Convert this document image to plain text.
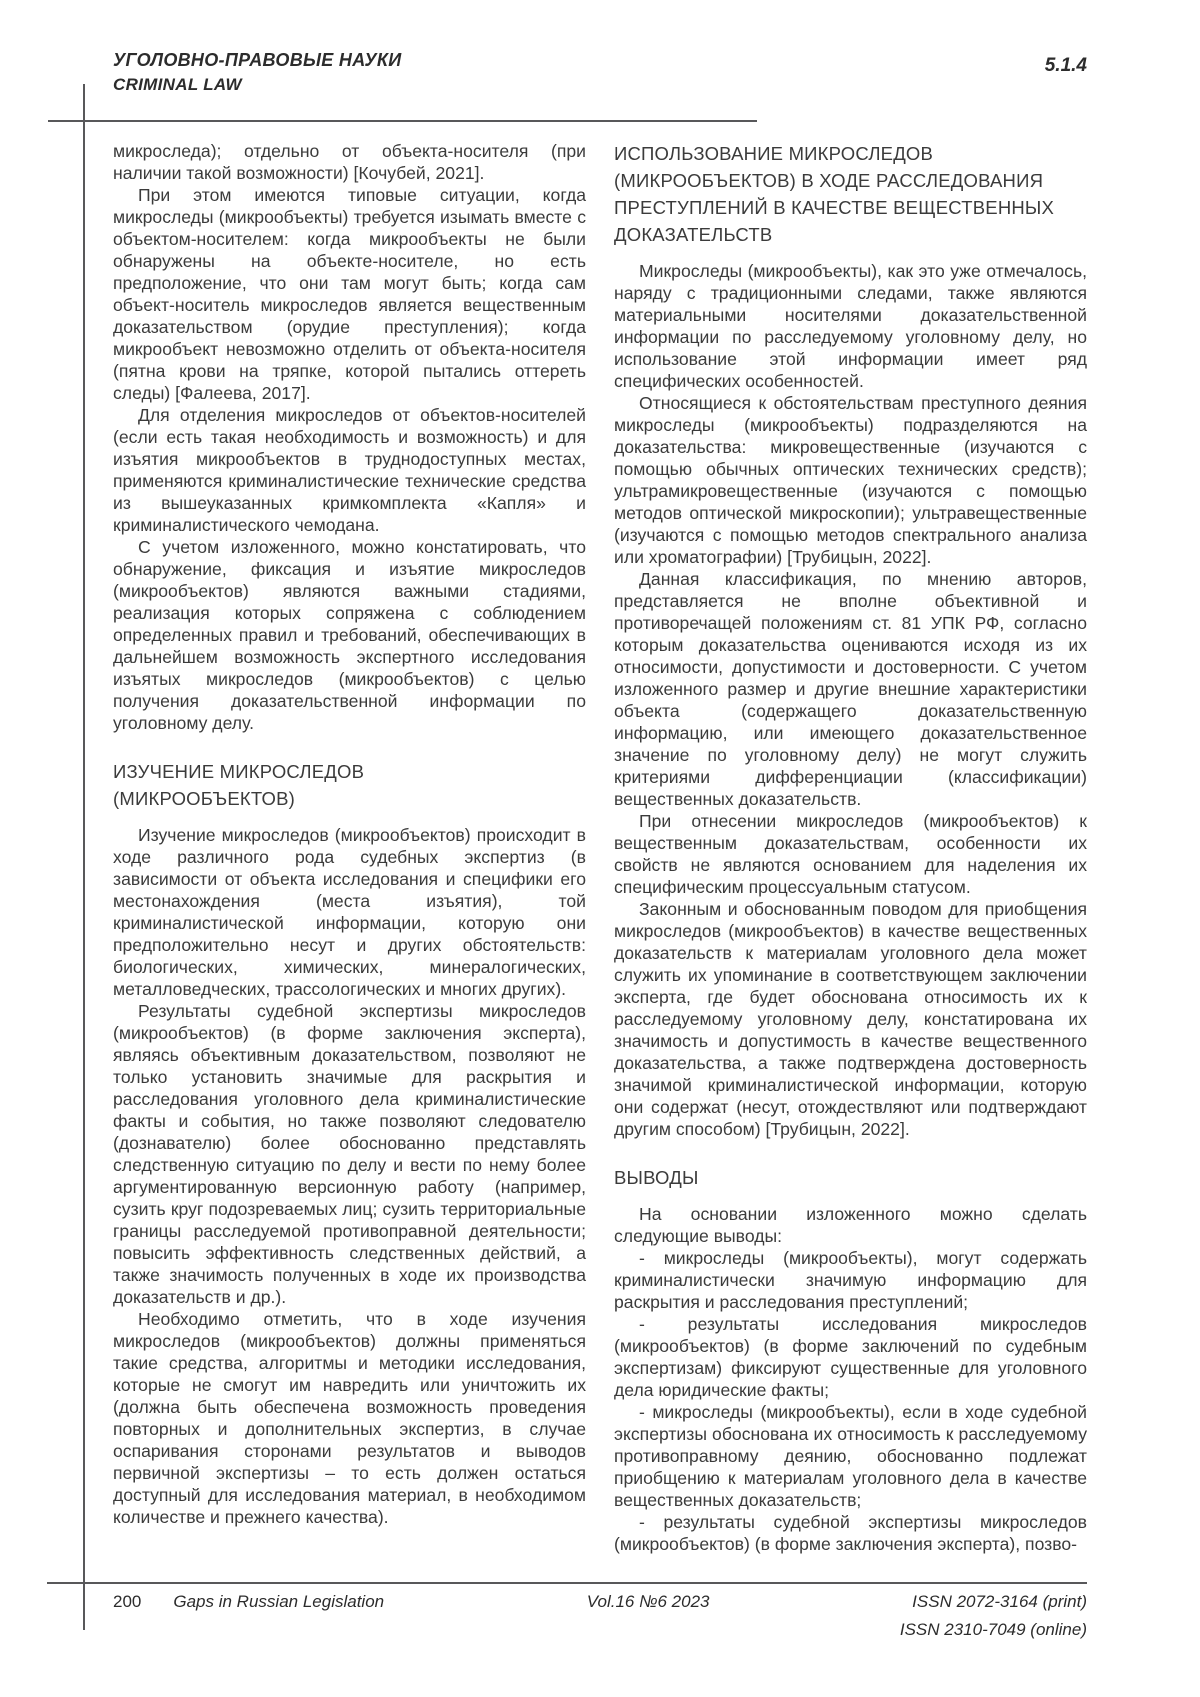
УГОЛОВНО-ПРАВОВЫЕ НАУКИ
CRIMINAL LAW
5.1.4

микроследа); отдельно от объекта-носителя (при наличии такой возможности) [Кочубей, 2021].

При этом имеются типовые ситуации, когда микроследы (микрообъекты) требуется изымать вместе с объектом-носителем: когда микрообъекты не были обнаружены на объекте-носителе, но есть предположение, что они там могут быть; когда сам объект-носитель микроследов является вещественным доказательством (орудие преступления); когда микрообъект невозможно отделить от объекта-носителя (пятна крови на тряпке, которой пытались оттереть следы) [Фалеева, 2017].

Для отделения микроследов от объектов-носителей (если есть такая необходимость и возможность) и для изъятия микрообъектов в труднодоступных местах, применяются криминалистические технические средства из вышеуказанных кримкомплекта «Капля» и криминалистического чемодана.

С учетом изложенного, можно констатировать, что обнаружение, фиксация и изъятие микроследов (микрообъектов) являются важными стадиями, реализация которых сопряжена с соблюдением определенных правил и требований, обеспечивающих в дальнейшем возможность экспертного исследования изъятых микроследов (микрообъектов) с целью получения доказательственной информации по уголовному делу.

ИЗУЧЕНИЕ МИКРОСЛЕДОВ
(МИКРООБЪЕКТОВ)

Изучение микроследов (микрообъектов) происходит в ходе различного рода судебных экспертиз (в зависимости от объекта исследования и специфики его местонахождения (места изъятия), той криминалистической информации, которую они предположительно несут и других обстоятельств: биологических, химических, минералогических, металловедческих, трассологических и многих других).

Результаты судебной экспертизы микроследов (микрообъектов) (в форме заключения эксперта), являясь объективным доказательством, позволяют не только установить значимые для раскрытия и расследования уголовного дела криминалистические факты и события, но также позволяют следователю (дознавателю) более обоснованно представлять следственную ситуацию по делу и вести по нему более аргументированную версионную работу (например, сузить круг подозреваемых лиц; сузить территориальные границы расследуемой противоправной деятельности; повысить эффективность следственных действий, а также значимость полученных в ходе их производства доказательств и др.).

Необходимо отметить, что в ходе изучения микроследов (микрообъектов) должны применяться такие средства, алгоритмы и методики исследования, которые не смогут им навредить или уничтожить их (должна быть обеспечена возможность проведения повторных и дополнительных экспертиз, в случае оспаривания сторонами результатов и выводов первичной экспертизы – то есть должен остаться доступный для исследования материал, в необходимом количестве и прежнего качества).

ИСПОЛЬЗОВАНИЕ МИКРОСЛЕДОВ
(МИКРООБЪЕКТОВ) В ХОДЕ РАССЛЕДОВАНИЯ
ПРЕСТУПЛЕНИЙ В КАЧЕСТВЕ ВЕЩЕСТВЕННЫХ
ДОКАЗАТЕЛЬСТВ

Микроследы (микрообъекты), как это уже отмечалось, наряду с традиционными следами, также являются материальными носителями доказательственной информации по расследуемому уголовному делу, но использование этой информации имеет ряд специфических особенностей.

Относящиеся к обстоятельствам преступного деяния микроследы (микрообъекты) подразделяются на доказательства: микровещественные (изучаются с помощью обычных оптических технических средств); ультрамикровещественные (изучаются с помощью методов оптической микроскопии); ультравещественные (изучаются с помощью методов спектрального анализа или хроматографии) [Трубицын, 2022].

Данная классификация, по мнению авторов, представляется не вполне объективной и противоречащей положениям ст. 81 УПК РФ, согласно которым доказательства оцениваются исходя из их относимости, допустимости и достоверности. С учетом изложенного размер и другие внешние характеристики объекта (содержащего доказательственную информацию, или имеющего доказательственное значение по уголовному делу) не могут служить критериями дифференциации (классификации) вещественных доказательств.

При отнесении микроследов (микрообъектов) к вещественным доказательствам, особенности их свойств не являются основанием для наделения их специфическим процессуальным статусом.

Законным и обоснованным поводом для приобщения микроследов (микрообъектов) в качестве вещественных доказательств к материалам уголовного дела может служить их упоминание в соответствующем заключении эксперта, где будет обоснована относимость их к расследуемому уголовному делу, констатирована их значимость и допустимость в качестве вещественного доказательства, а также подтверждена достоверность значимой криминалистической информации, которую они содержат (несут, отождествляют или подтверждают другим способом) [Трубицын, 2022].

ВЫВОДЫ

На основании изложенного можно сделать следующие выводы:

- микроследы (микрообъекты), могут содержать криминалистически значимую информацию для раскрытия и расследования преступлений;

- результаты исследования микроследов (микрообъектов) (в форме заключений по судебным экспертизам) фиксируют существенные для уголовного дела юридические факты;

- микроследы (микрообъекты), если в ходе судебной экспертизы обоснована их относимость к расследуемому противоправному деянию, обоснованно подлежат приобщению к материалам уголовного дела в качестве вещественных доказательств;

- результаты судебной экспертизы микроследов (микрообъектов) (в форме заключения эксперта), позво-

200 Gaps in Russian Legislation	Vol.16 №6 2023	ISSN 2072-3164 (print)
ISSN 2310-7049 (online)
